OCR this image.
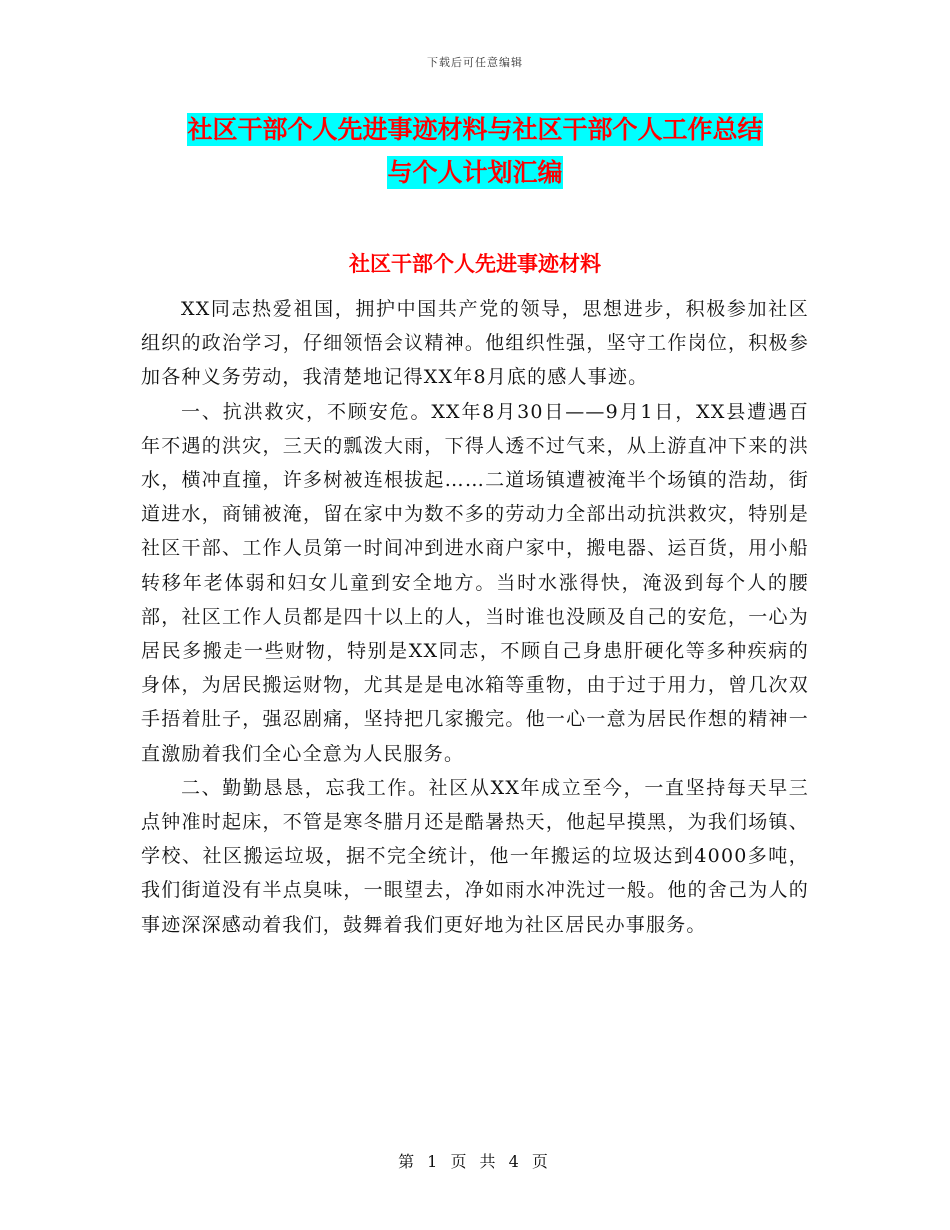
下载后可任意编辑
社区干部个人先进事迹材料与社区干部个人工作总结
与个人计划汇编
社区干部个人先进事迹材料

XX同志热爱祖国，拥护中国共产党的领导，思想进步，积极参加社区组织的政治学习，仔细领悟会议精神。他组织性强，坚守工作岗位，积极参加各种义务劳动，我清楚地记得XX年8月底的感人事迹。

一、抗洪救灾，不顾安危。XX年8月30日——9月1日，XX县遭遇百年不遇的洪灾，三天的瓢泼大雨，下得人透不过气来，从上游直冲下来的洪水，横冲直撞，许多树被连根拔起……二道场镇遭被淹半个场镇的浩劫，街道进水，商铺被淹，留在家中为数不多的劳动力全部出动抗洪救灾，特别是社区干部、工作人员第一时间冲到进水商户家中，搬电器、运百货，用小船转移年老体弱和妇女儿童到安全地方。当时水涨得快，淹汲到每个人的腰部，社区工作人员都是四十以上的人，当时谁也没顾及自己的安危，一心为居民多搬走一些财物，特别是XX同志，不顾自己身患肝硬化等多种疾病的身体，为居民搬运财物，尤其是是电冰箱等重物，由于过于用力，曾几次双手捂着肚子，强忍剧痛，坚持把几家搬完。他一心一意为居民作想的精神一直激励着我们全心全意为人民服务。

二、勤勤恳恳，忘我工作。社区从XX年成立至今，一直坚持每天早三点钟准时起床，不管是寒冬腊月还是酷暑热天，他起早摸黑，为我们场镇、学校、社区搬运垃圾，据不完全统计，他一年搬运的垃圾达到4000多吨，我们街道没有半点臭味，一眼望去，净如雨水冲洗过一般。他的舍己为人的事迹深深感动着我们，鼓舞着我们更好地为社区居民办事服务。

第 1 页 共 4 页
